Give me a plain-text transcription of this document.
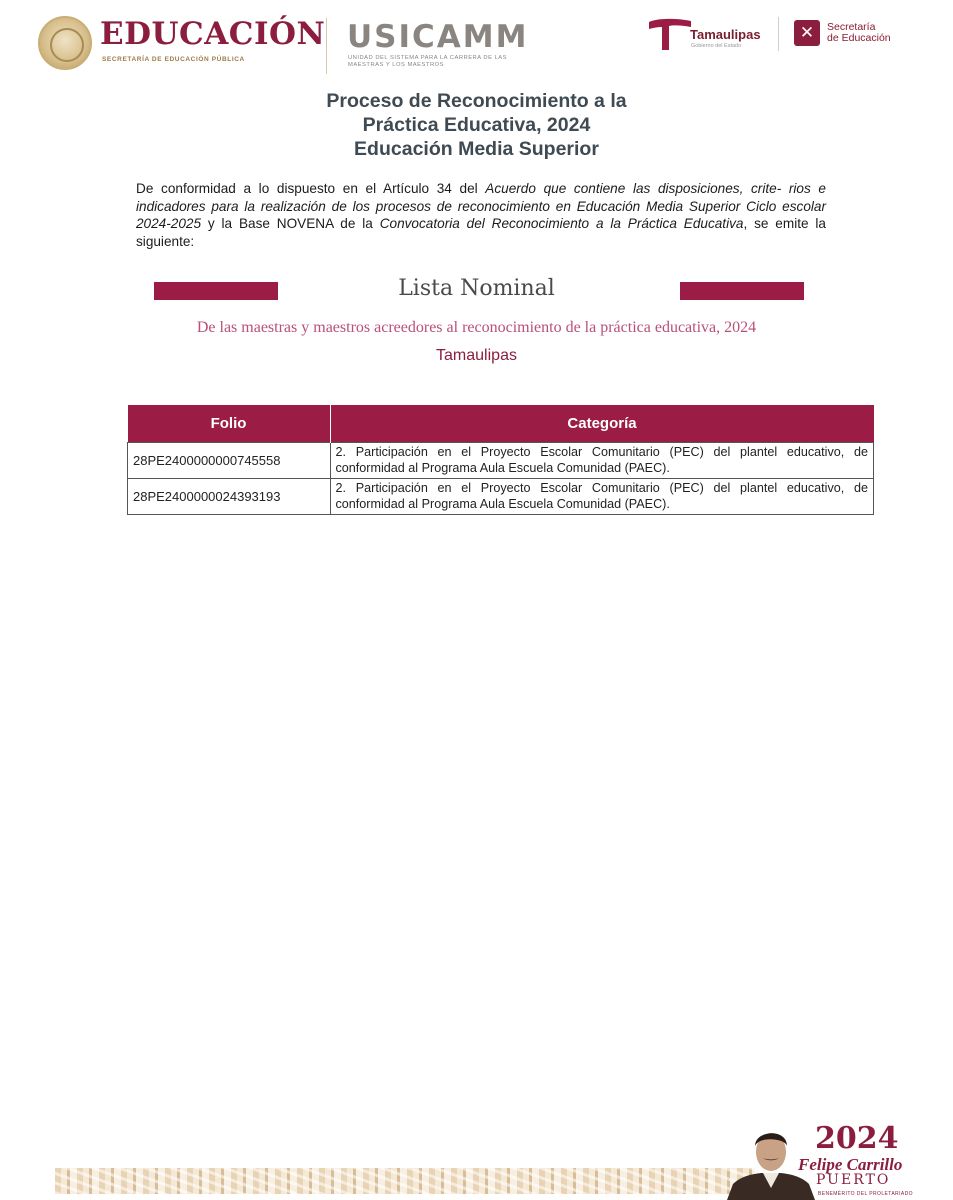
EDUCACIÓN
SECRETARÍA DE EDUCACIÓN PÚBLICA
USICAMM
UNIDAD DEL SISTEMA PARA LA CARRERA DE LAS MAESTRAS Y LOS MAESTROS
Tamaulipas
Gobierno del Estado
✕	Secretaría
de Educación
Proceso de Reconocimiento a la
Práctica Educativa, 2024
Educación Media Superior
De conformidad a lo dispuesto en el Artículo 34 del Acuerdo que contiene las disposiciones, crite- rios e indicadores para la realización de los procesos de reconocimiento en Educación Media Superior Ciclo escolar 2024-2025 y la Base NOVENA de la Convocatoria del Reconocimiento a la Práctica Educativa, se emite la siguiente:
Lista Nominal
De las maestras y maestros acreedores al reconocimiento de la práctica educativa, 2024
Tamaulipas
Folio	Categoría
28PE2400000000745558	2. Participación en el Proyecto Escolar Comunitario (PEC) del plantel educativo, de conformidad al Programa Aula Escuela Comunidad (PAEC).
28PE2400000024393193	2. Participación en el Proyecto Escolar Comunitario (PEC) del plantel educativo, de conformidad al Programa Aula Escuela Comunidad (PAEC).
2024
Felipe Carrillo
PUERTO
BENEMÉRITO DEL PROLETARIADO
